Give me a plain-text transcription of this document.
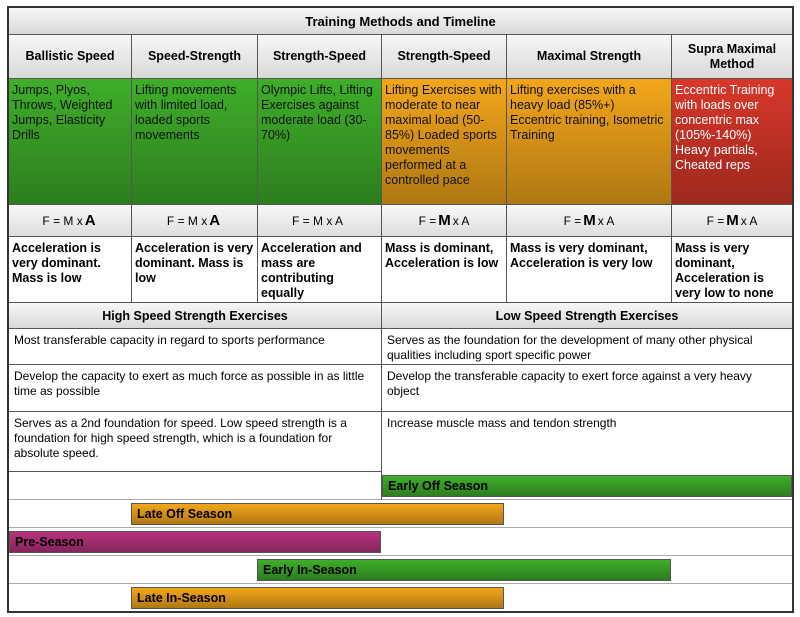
Training Methods and Timeline
Ballistic Speed
Jumps, Plyos, Throws, Weighted Jumps, Elasticity Drills
F = M x A
Acceleration is very dominant. Mass is low
Speed-Strength
Lifting movements with limited load, loaded sports movements
F = M x A
Acceleration is very dominant. Mass is low
Strength-Speed
Olympic Lifts, Lifting Exercises against moderate load (30-70%)
F = M x A
Acceleration and mass are contributing equally
Strength-Speed
Lifting Exercises with moderate to near maximal load (50-85%) Loaded sports movements performed at a controlled pace
F = M x A
Mass is dominant, Acceleration is low
Maximal Strength
Lifting exercises with a heavy load (85%+) Eccentric training, Isometric Training
F = M x A
Mass is very dominant, Acceleration is very low
Supra Maximal Method
Eccentric Training with loads over concentric max (105%-140%) Heavy partials, Cheated reps
F = M x A
Mass is very dominant, Acceleration is very low to none
High Speed Strength Exercises	Low Speed Strength Exercises
Most transferable capacity in regard to sports performance
Develop the capacity to exert as much force as possible in as little time as possible
Serves as a 2nd foundation for speed. Low speed strength is a foundation for high speed strength, which is a foundation for absolute speed.
Serves as the foundation for the development of many other physical qualities including sport specific power
Develop the transferable capacity to exert force against a very heavy object
Increase muscle mass and tendon strength
Early Off Season
Late Off Season
Pre-Season
Early In-Season
Late In-Season
